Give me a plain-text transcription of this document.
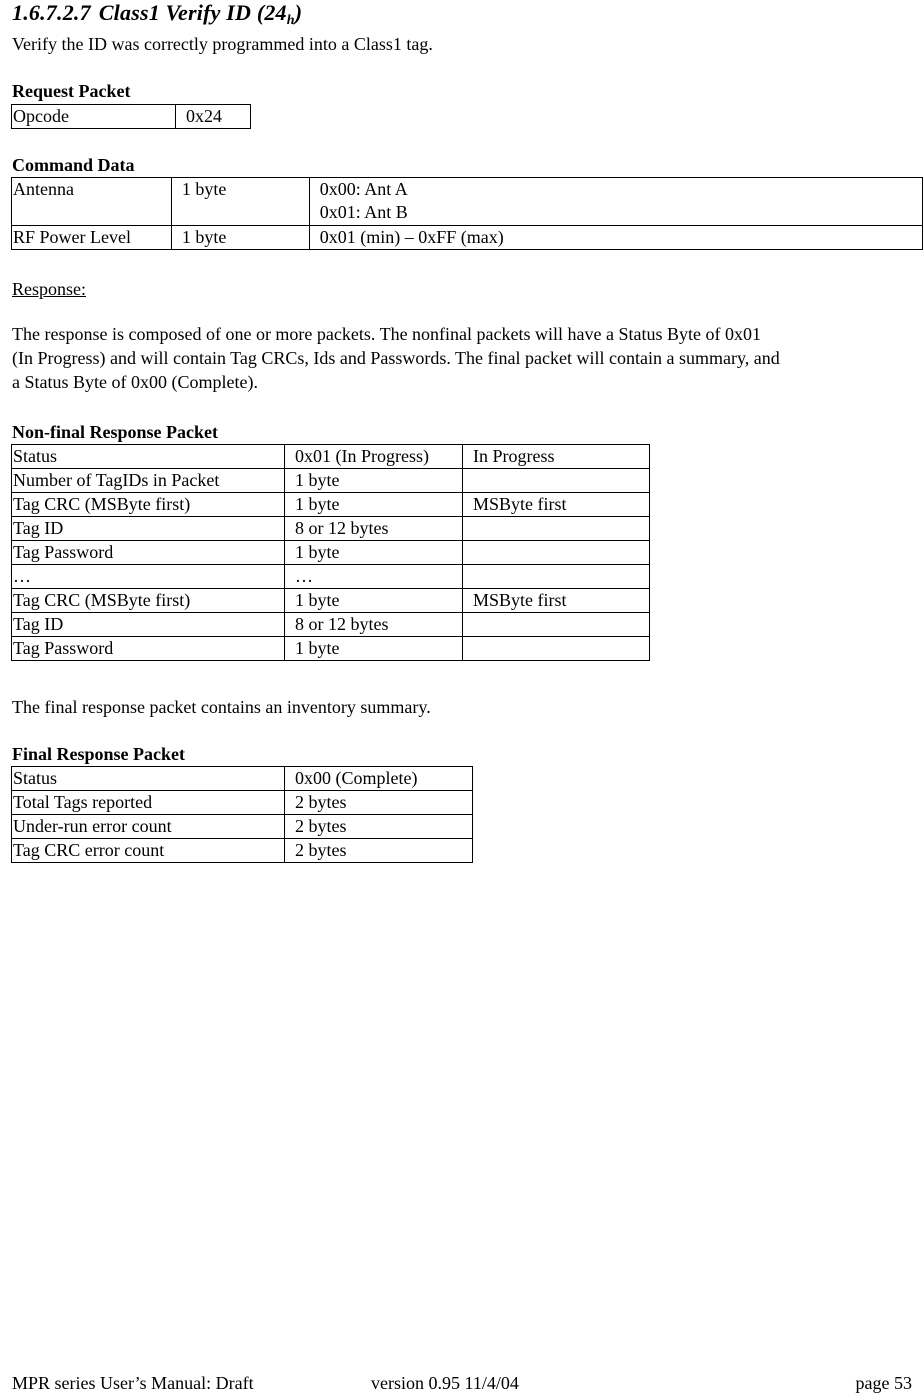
1.6.7.2.7 Class1 Verify ID $(24_h)$
Verify the ID was correctly programmed into a Class1 tag.
Request Packet
Opcode	0x24
Command Data
Antenna	1 byte	0x00: Ant A
0x01: Ant B

RF Power Level	1 byte	0x01 (min) – 0xFF (max)
Response:
The response is composed of one or more packets. The nonfinal packets will have a Status Byte of 0x01
(In Progress) and will contain Tag CRCs, Ids and Passwords. The final packet will contain a summary, and
a Status Byte of 0x00 (Complete).
Non-final Response Packet
Status	0x01 (In Progress)	In Progress
Number of TagIDs in Packet	1 byte	
Tag CRC (MSByte first)	1 byte	MSByte first
Tag ID	8 or 12 bytes	
Tag Password	1 byte	
…	…	
Tag CRC (MSByte first)	1 byte	MSByte first
Tag ID	8 or 12 bytes	
Tag Password	1 byte	
The final response packet contains an inventory summary.
Final Response Packet
Status	0x00 (Complete)
Total Tags reported	2 bytes
Under-run error count	2 bytes
Tag CRC error count	2 bytes
MPR series User’s Manual: Draft	version 0.95 11/4/04	page 53
